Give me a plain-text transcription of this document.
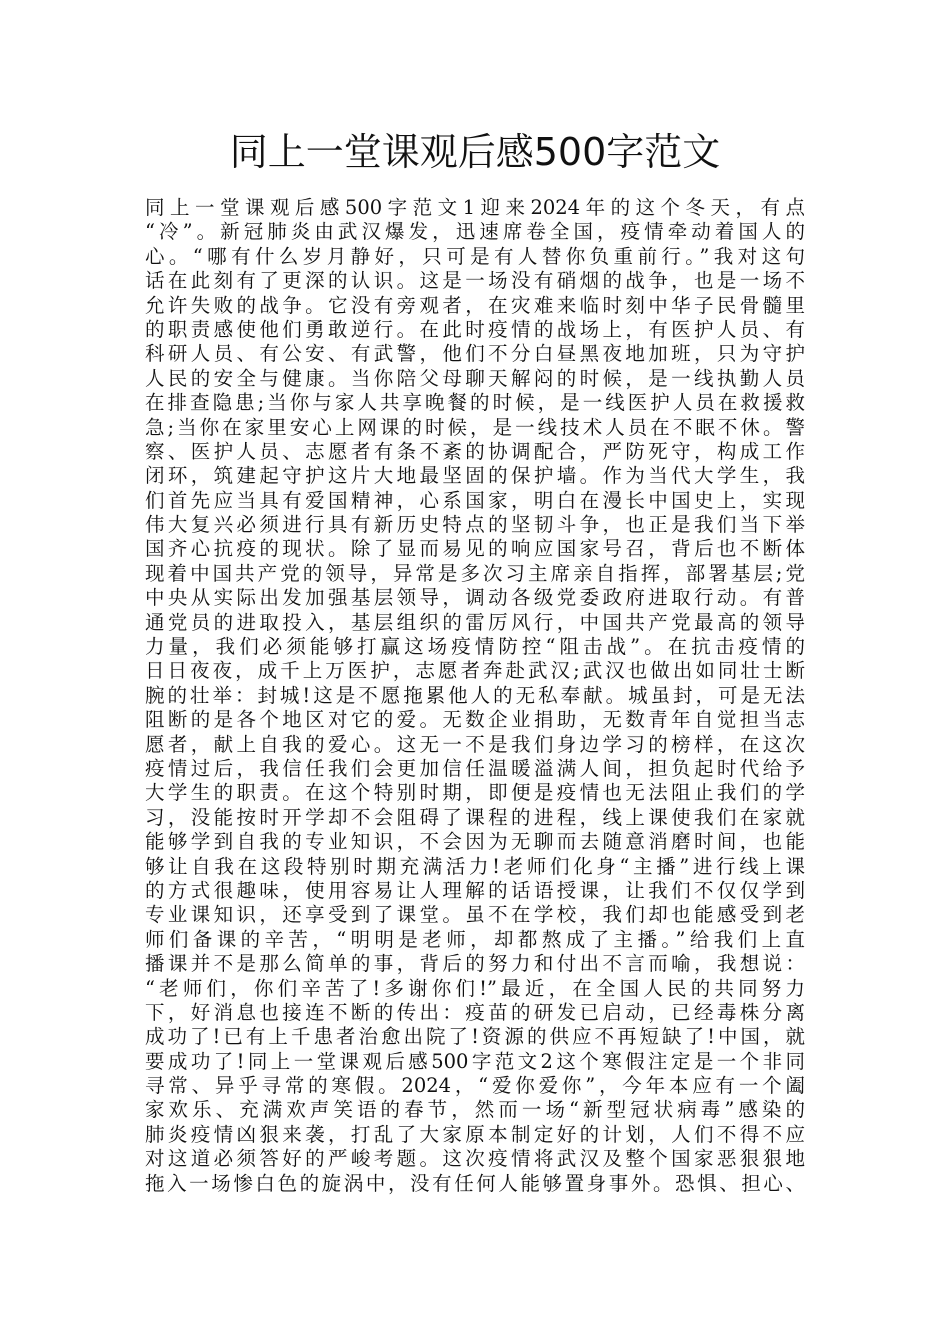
同上一堂课观后感500字范文
同上一堂课观后感500字范文1迎来2024年的这个冬天，有点
“冷”。新冠肺炎由武汉爆发，迅速席卷全国，疫情牵动着国人的
心。“哪有什么岁月静好，只可是有人替你负重前行。”我对这句
话在此刻有了更深的认识。这是一场没有硝烟的战争，也是一场不
允许失败的战争。它没有旁观者，在灾难来临时刻中华子民骨髓里
的职责感使他们勇敢逆行。在此时疫情的战场上，有医护人员、有
科研人员、有公安、有武警，他们不分白昼黑夜地加班，只为守护
人民的安全与健康。当你陪父母聊天解闷的时候，是一线执勤人员
在排查隐患;当你与家人共享晚餐的时候，是一线医护人员在救援救
急;当你在家里安心上网课的时候，是一线技术人员在不眠不休。警
察、医护人员、志愿者有条不紊的协调配合，严防死守，构成工作
闭环，筑建起守护这片大地最坚固的保护墙。作为当代大学生，我
们首先应当具有爱国精神，心系国家，明白在漫长中国史上，实现
伟大复兴必须进行具有新历史特点的坚韧斗争，也正是我们当下举
国齐心抗疫的现状。除了显而易见的响应国家号召，背后也不断体
现着中国共产党的领导，异常是多次习主席亲自指挥，部署基层;党
中央从实际出发加强基层领导，调动各级党委政府进取行动。有普
通党员的进取投入，基层组织的雷厉风行，中国共产党最高的领导
力量，我们必须能够打赢这场疫情防控“阻击战”。在抗击疫情的
日日夜夜，成千上万医护，志愿者奔赴武汉;武汉也做出如同壮士断
腕的壮举：封城!这是不愿拖累他人的无私奉献。城虽封，可是无法
阻断的是各个地区对它的爱。无数企业捐助，无数青年自觉担当志
愿者，献上自我的爱心。这无一不是我们身边学习的榜样，在这次
疫情过后，我信任我们会更加信任温暖溢满人间，担负起时代给予
大学生的职责。在这个特别时期，即便是疫情也无法阻止我们的学
习，没能按时开学却不会阻碍了课程的进程，线上课使我们在家就
能够学到自我的专业知识，不会因为无聊而去随意消磨时间，也能
够让自我在这段特别时期充满活力!老师们化身“主播”进行线上课
的方式很趣味，使用容易让人理解的话语授课，让我们不仅仅学到
专业课知识，还享受到了课堂。虽不在学校，我们却也能感受到老
师们备课的辛苦，“明明是老师，却都熬成了主播。”给我们上直
播课并不是那么简单的事，背后的努力和付出不言而喻，我想说：
“老师们，你们辛苦了!多谢你们!”最近，在全国人民的共同努力
下，好消息也接连不断的传出：疫苗的研发已启动，已经毒株分离
成功了!已有上千患者治愈出院了!资源的供应不再短缺了!中国，就
要成功了!同上一堂课观后感500字范文2这个寒假注定是一个非同
寻常、异乎寻常的寒假。2024，“爱你爱你”，今年本应有一个阖
家欢乐、充满欢声笑语的春节，然而一场“新型冠状病毒”感染的
肺炎疫情凶狠来袭，打乱了大家原本制定好的计划，人们不得不应
对这道必须答好的严峻考题。这次疫情将武汉及整个国家恶狠狠地
拖入一场惨白色的旋涡中，没有任何人能够置身事外。恐惧、担心、
